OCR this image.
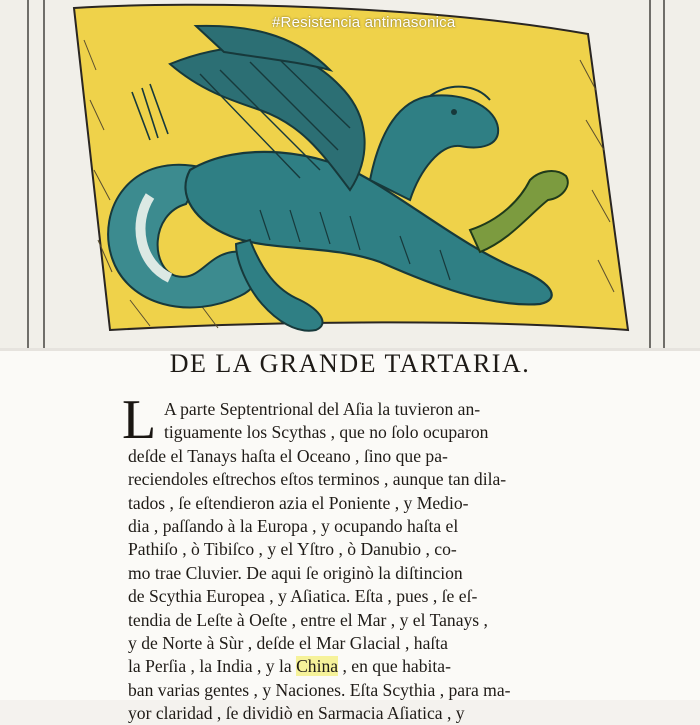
#Resistencia antimasonica
DE LA GRANDE TARTARIA.
L A parte Septentrional del Aſia la tuvieron an-
tiguamente los Scythas , que no ſolo ocuparon
deſde el Tanays haſta el Oceano , ſino que pa-
reciendoles eſtrechos eſtos terminos , aunque tan dila-
tados , ſe eſtendieron azia el Poniente , y Medio-
dia , paſſando à la Europa , y ocupando haſta el
Pathiſo , ò Tibiſco , y el Yſtro , ò Danubio , co-
mo trae Cluvier. De aqui ſe originò la diſtincion
de Scythia Europea , y Aſiatica. Eſta , pues , ſe eſ-
tendia de Leſte à Oeſte , entre el Mar , y el Tanays ,
y de Norte à Sùr , deſde el Mar Glacial , haſta
la Perſia , la India , y la China , en que habita-
ban varias gentes , y Naciones. Eſta Scythia , para ma-
yor claridad , ſe dividiò en Sarmacia Aſiatica , y
